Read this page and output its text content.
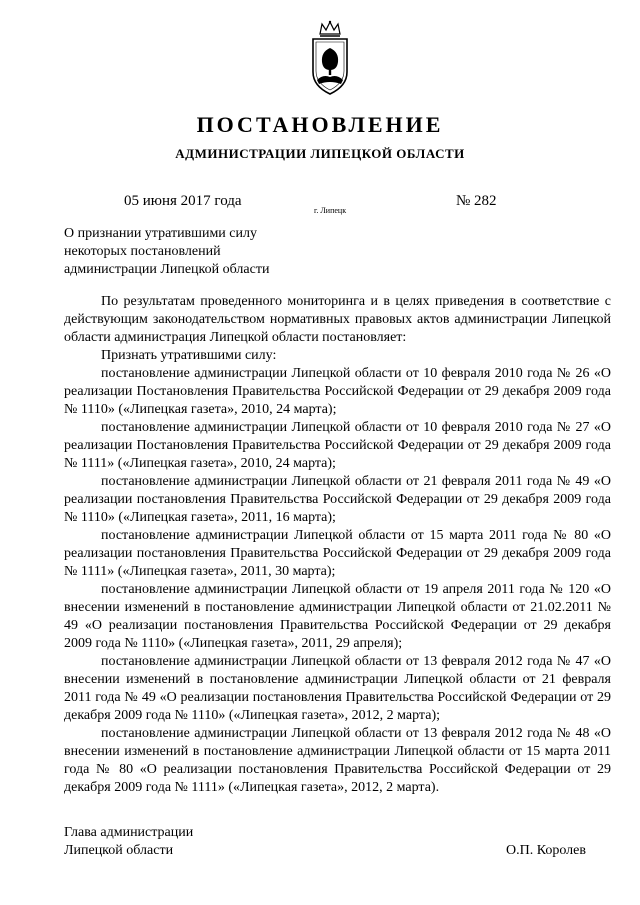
ПОСТАНОВЛЕНИЕ
АДМИНИСТРАЦИИ ЛИПЕЦКОЙ ОБЛАСТИ
05 июня 2017 года
г. Липецк
№ 282
О признании утратившими силу
некоторых постановлений
администрации Липецкой области

По результатам проведенного мониторинга и в целях приведения в соответствие с действующим законодательством нормативных правовых актов администрации Липецкой области администрация Липецкой области постановляет:

Признать утратившими силу:

постановление администрации Липецкой области от 10 февраля 2010 года № 26 «О реализации Постановления Правительства Российской Федерации от 29 декабря 2009 года № 1110» («Липецкая газета», 2010, 24 марта);

постановление администрации Липецкой области от 10 февраля 2010 года № 27 «О реализации Постановления Правительства Российской Федерации от 29 декабря 2009 года № 1111» («Липецкая газета», 2010, 24 марта);

постановление администрации Липецкой области от 21 февраля 2011 года № 49 «О реализации постановления Правительства Российской Федерации от 29 декабря 2009 года № 1110» («Липецкая газета», 2011, 16 марта);

постановление администрации Липецкой области от 15 марта 2011 года № 80 «О реализации постановления Правительства Российской Федерации от 29 декабря 2009 года № 1111» («Липецкая газета», 2011, 30 марта);

постановление администрации Липецкой области от 19 апреля 2011 года № 120 «О внесении изменений в постановление администрации Липецкой области от 21.02.2011 № 49 «О реализации постановления Правительства Российской Федерации от 29 декабря 2009 года № 1110» («Липецкая газета», 2011, 29 апреля);

постановление администрации Липецкой области от 13 февраля 2012 года № 47 «О внесении изменений в постановление администрации Липецкой области от 21 февраля 2011 года № 49 «О реализации постановления Правительства Российской Федерации от 29 декабря 2009 года № 1110» («Липецкая газета», 2012, 2 марта);

постановление администрации Липецкой области от 13 февраля 2012 года № 48 «О внесении изменений в постановление администрации Липецкой области от 15 марта 2011 года № 80 «О реализации постановления Правительства Российской Федерации от 29 декабря 2009 года № 1111» («Липецкая газета», 2012, 2 марта).

Глава администрации
Липецкой области	О.П. Королев
